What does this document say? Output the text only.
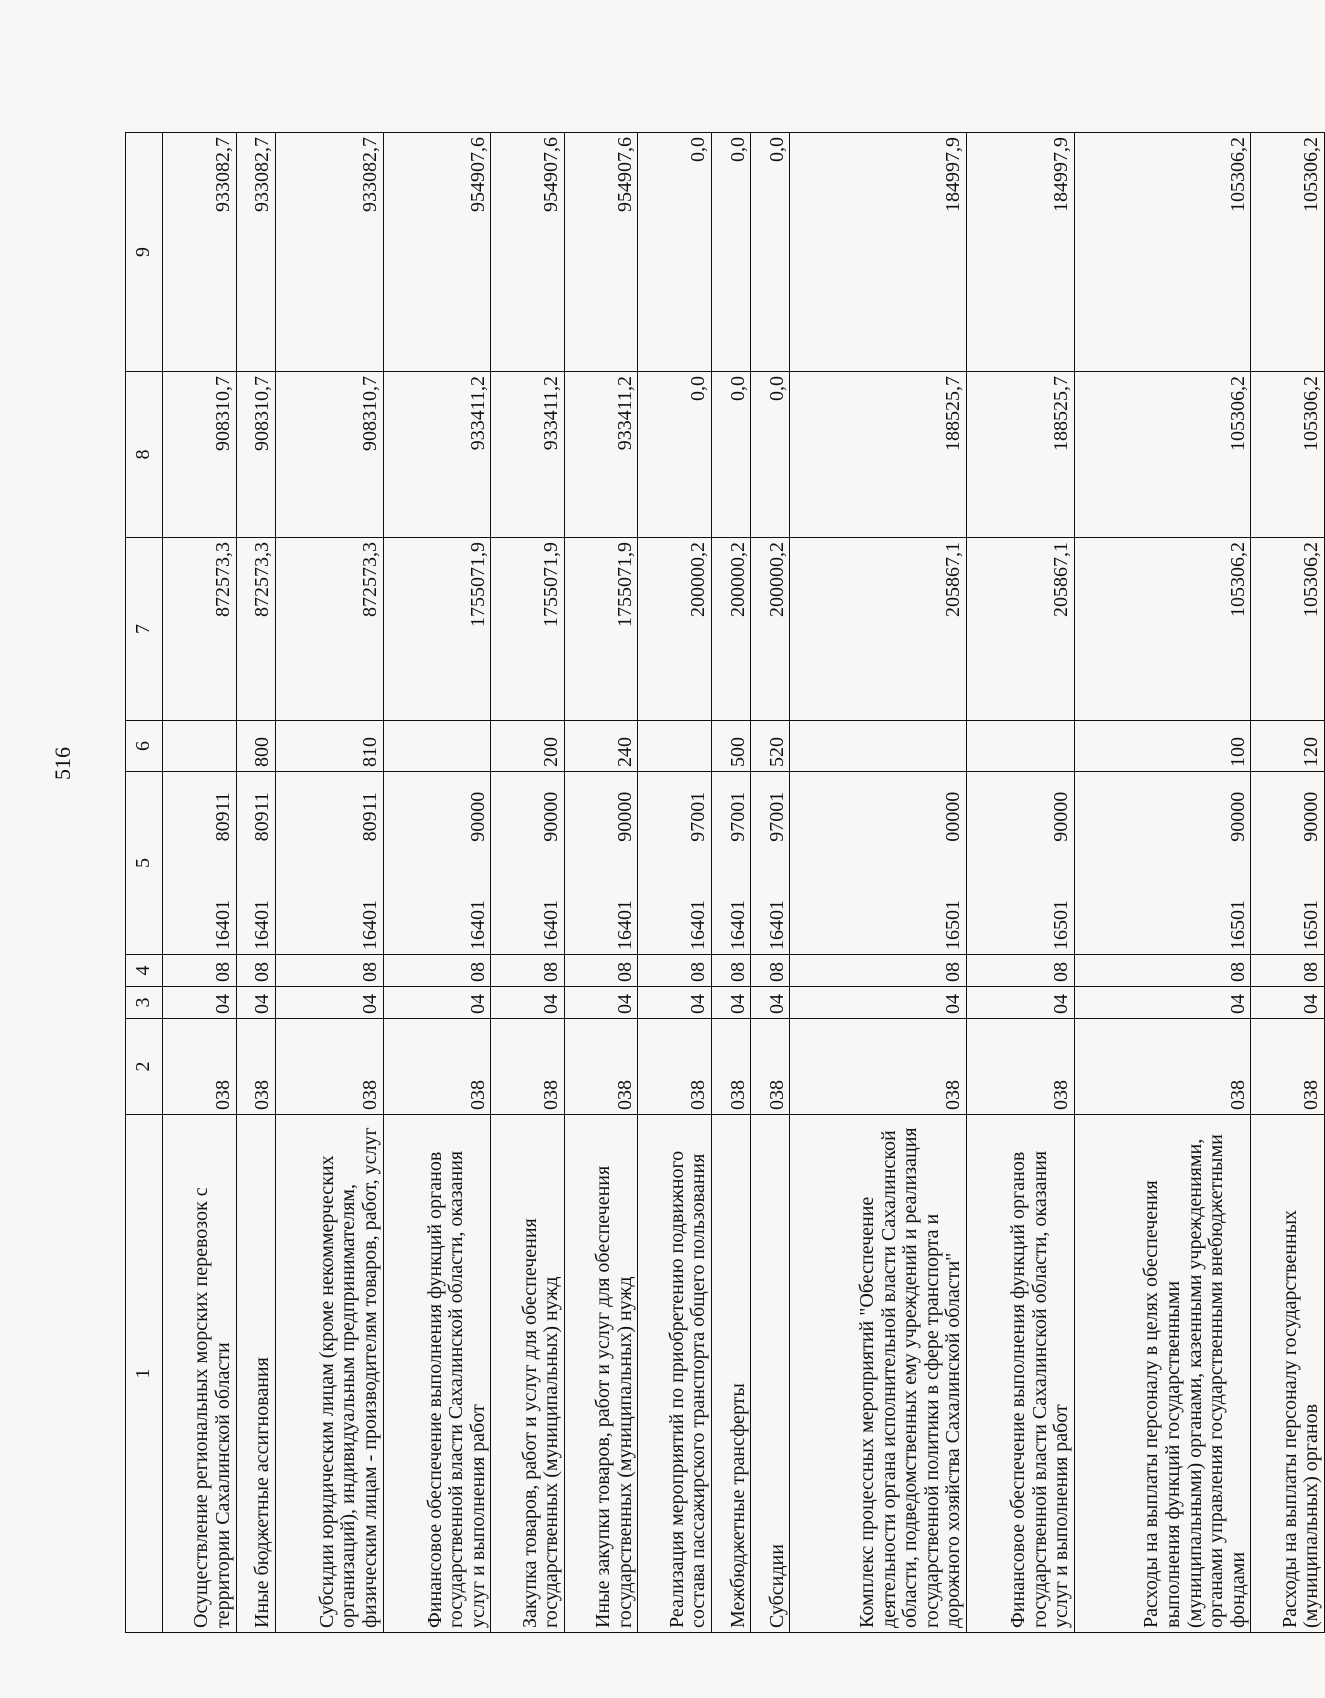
516
1	2	3	4	5		6	7	8	9
Осуществление региональных морских перевозок с территории Сахалинской области	038	04	08	16401	80911		872573,3	908310,7	933082,7
Иные бюджетные ассигнования	038	04	08	16401	80911	800	872573,3	908310,7	933082,7
Субсидии юридическим лицам (кроме некоммерческих организаций), индивидуальным предпринимателям, физическим лицам - производителям товаров, работ, услуг	038	04	08	16401	80911	810	872573,3	908310,7	933082,7
Финансовое обеспечение выполнения функций органов государственной власти Сахалинской области, оказания услуг и выполнения работ	038	04	08	16401	90000		1755071,9	933411,2	954907,6
Закупка товаров, работ и услуг для обеспечения государственных (муниципальных) нужд	038	04	08	16401	90000	200	1755071,9	933411,2	954907,6
Иные закупки товаров, работ и услуг для обеспечения государственных (муниципальных) нужд	038	04	08	16401	90000	240	1755071,9	933411,2	954907,6
Реализация мероприятий по приобретению подвижного состава пассажирского транспорта общего пользования	038	04	08	16401	97001		200000,2	0,0	0,0
Межбюджетные трансферты	038	04	08	16401	97001	500	200000,2	0,0	0,0
Субсидии	038	04	08	16401	97001	520	200000,2	0,0	0,0
Комплекс процессных мероприятий "Обеспечение деятельности органа исполнительной власти Сахалинской области, подведомственных ему учреждений и реализация государственной политики в сфере транспорта и дорожного хозяйства Сахалинской области"	038	04	08	16501	00000		205867,1	188525,7	184997,9
Финансовое обеспечение выполнения функций органов государственной власти Сахалинской области, оказания услуг и выполнения работ	038	04	08	16501	90000		205867,1	188525,7	184997,9
Расходы на выплаты персоналу в целях обеспечения выполнения функций государственными (муниципальными) органами, казенными учреждениями, органами управления государственными внебюджетными фондами	038	04	08	16501	90000	100	105306,2	105306,2	105306,2
Расходы на выплаты персоналу государственных (муниципальных) органов	038	04	08	16501	90000	120	105306,2	105306,2	105306,2
